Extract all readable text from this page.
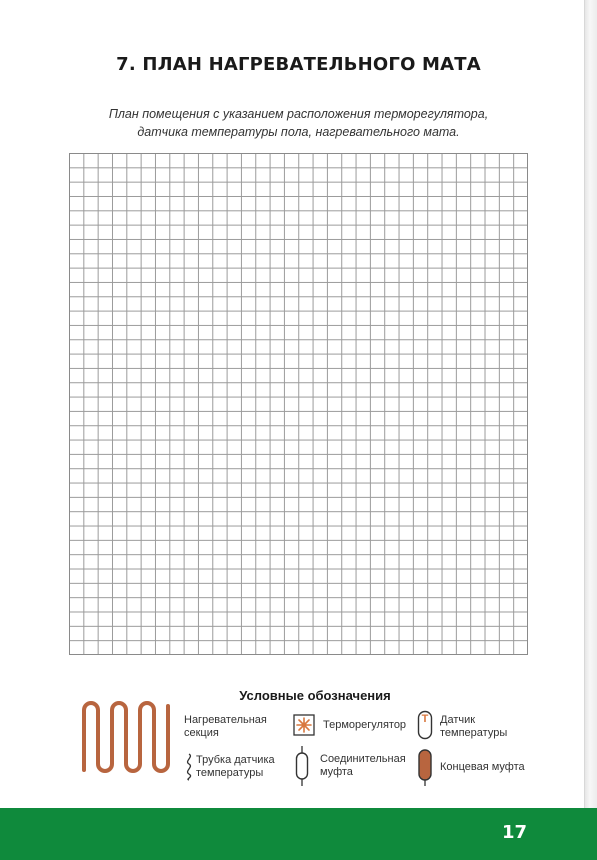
7. ПЛАН НАГРЕВАТЕЛЬНОГО МАТА
План помещения с указанием расположения терморегулятора,
датчика температуры пола, нагревательного мата.
Условные обозначения
Нагревательная
секция
Трубка датчика
температуры
Терморегулятор
Соединительная
муфта
Т	Датчик
температуры
Концевая муфта
17
